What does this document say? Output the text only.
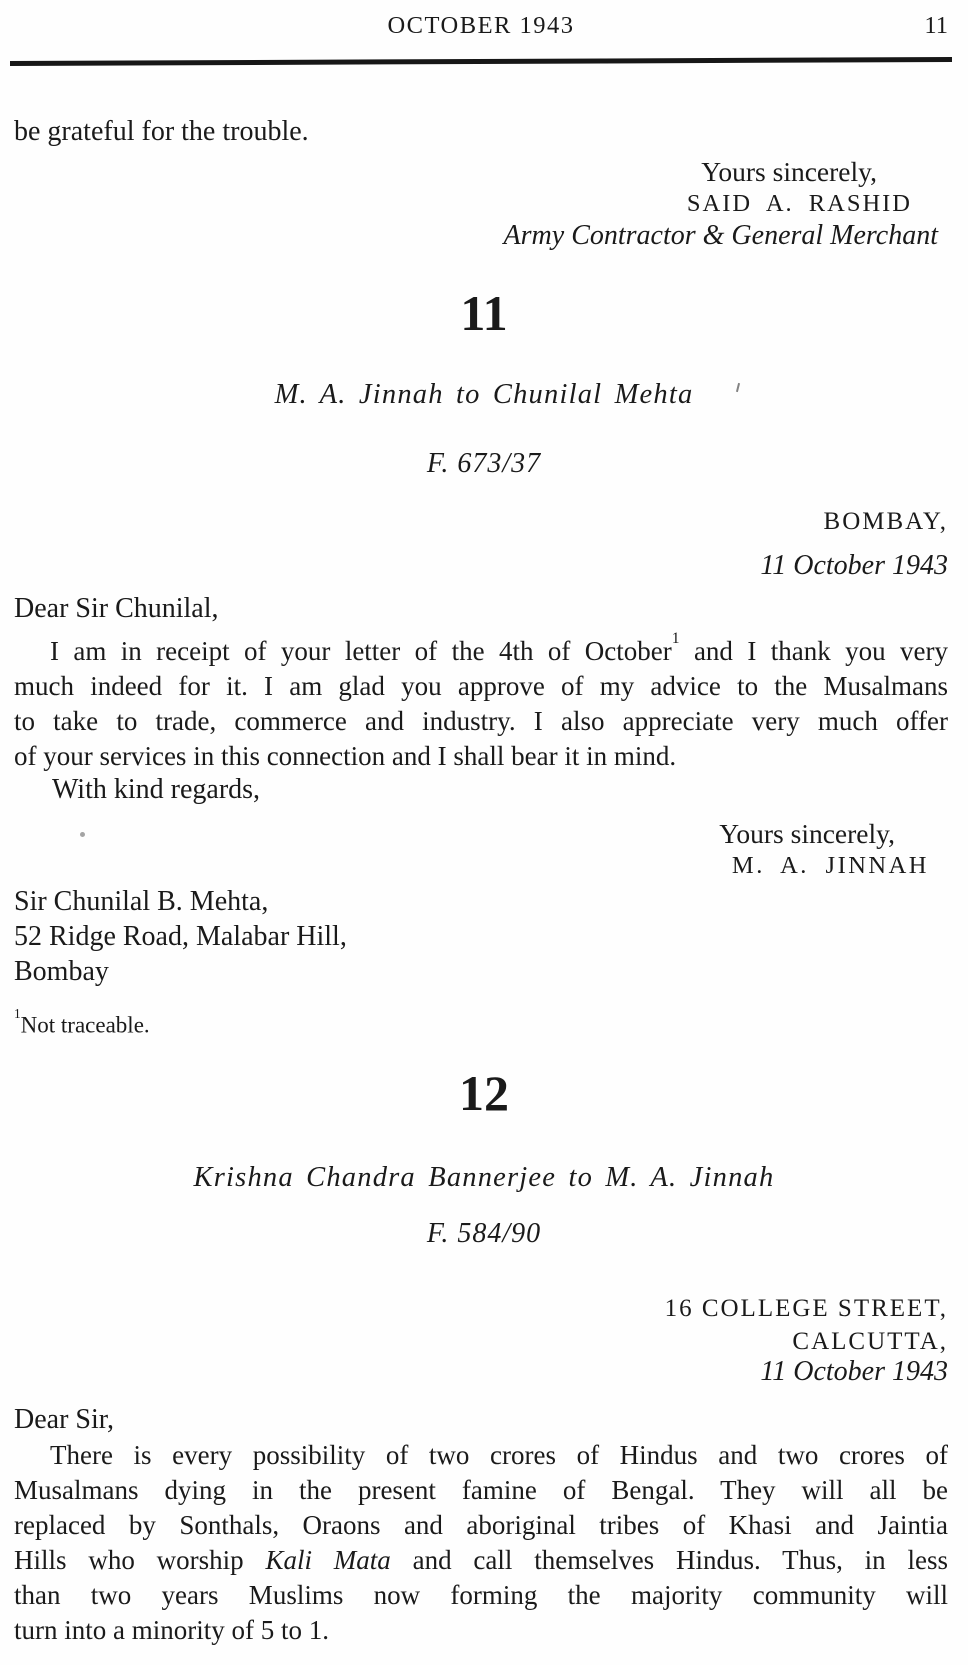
OCTOBER 1943	11
be grateful for the trouble.
Yours sincerely,
SAID A. RASHID
Army Contractor & General Merchant
11
M. A. Jinnah to Chunilal Mehta
F. 673/37
BOMBAY,
11 October 1943
Dear Sir Chunilal,
I am in receipt of your letter of the 4th of October$^1$ and I thank you very
much indeed for it. I am glad you approve of my advice to the Musalmans
to take to trade, commerce and industry. I also appreciate very much offer
of your services in this connection and I shall bear it in mind.
With kind regards,
Yours sincerely,
M. A. JINNAH
Sir Chunilal B. Mehta,
52 Ridge Road, Malabar Hill,
Bombay
$^1$Not traceable.
12
Krishna Chandra Bannerjee to M. A. Jinnah
F. 584/90
16 COLLEGE STREET,
CALCUTTA,
11 October 1943
Dear Sir,
There is every possibility of two crores of Hindus and two crores of
Musalmans dying in the present famine of Bengal. They will all be
replaced by Sonthals, Oraons and aboriginal tribes of Khasi and Jaintia
Hills who worship Kali Mata and call themselves Hindus. Thus, in less
than two years Muslims now forming the majority community will
turn into a minority of 5 to 1.
